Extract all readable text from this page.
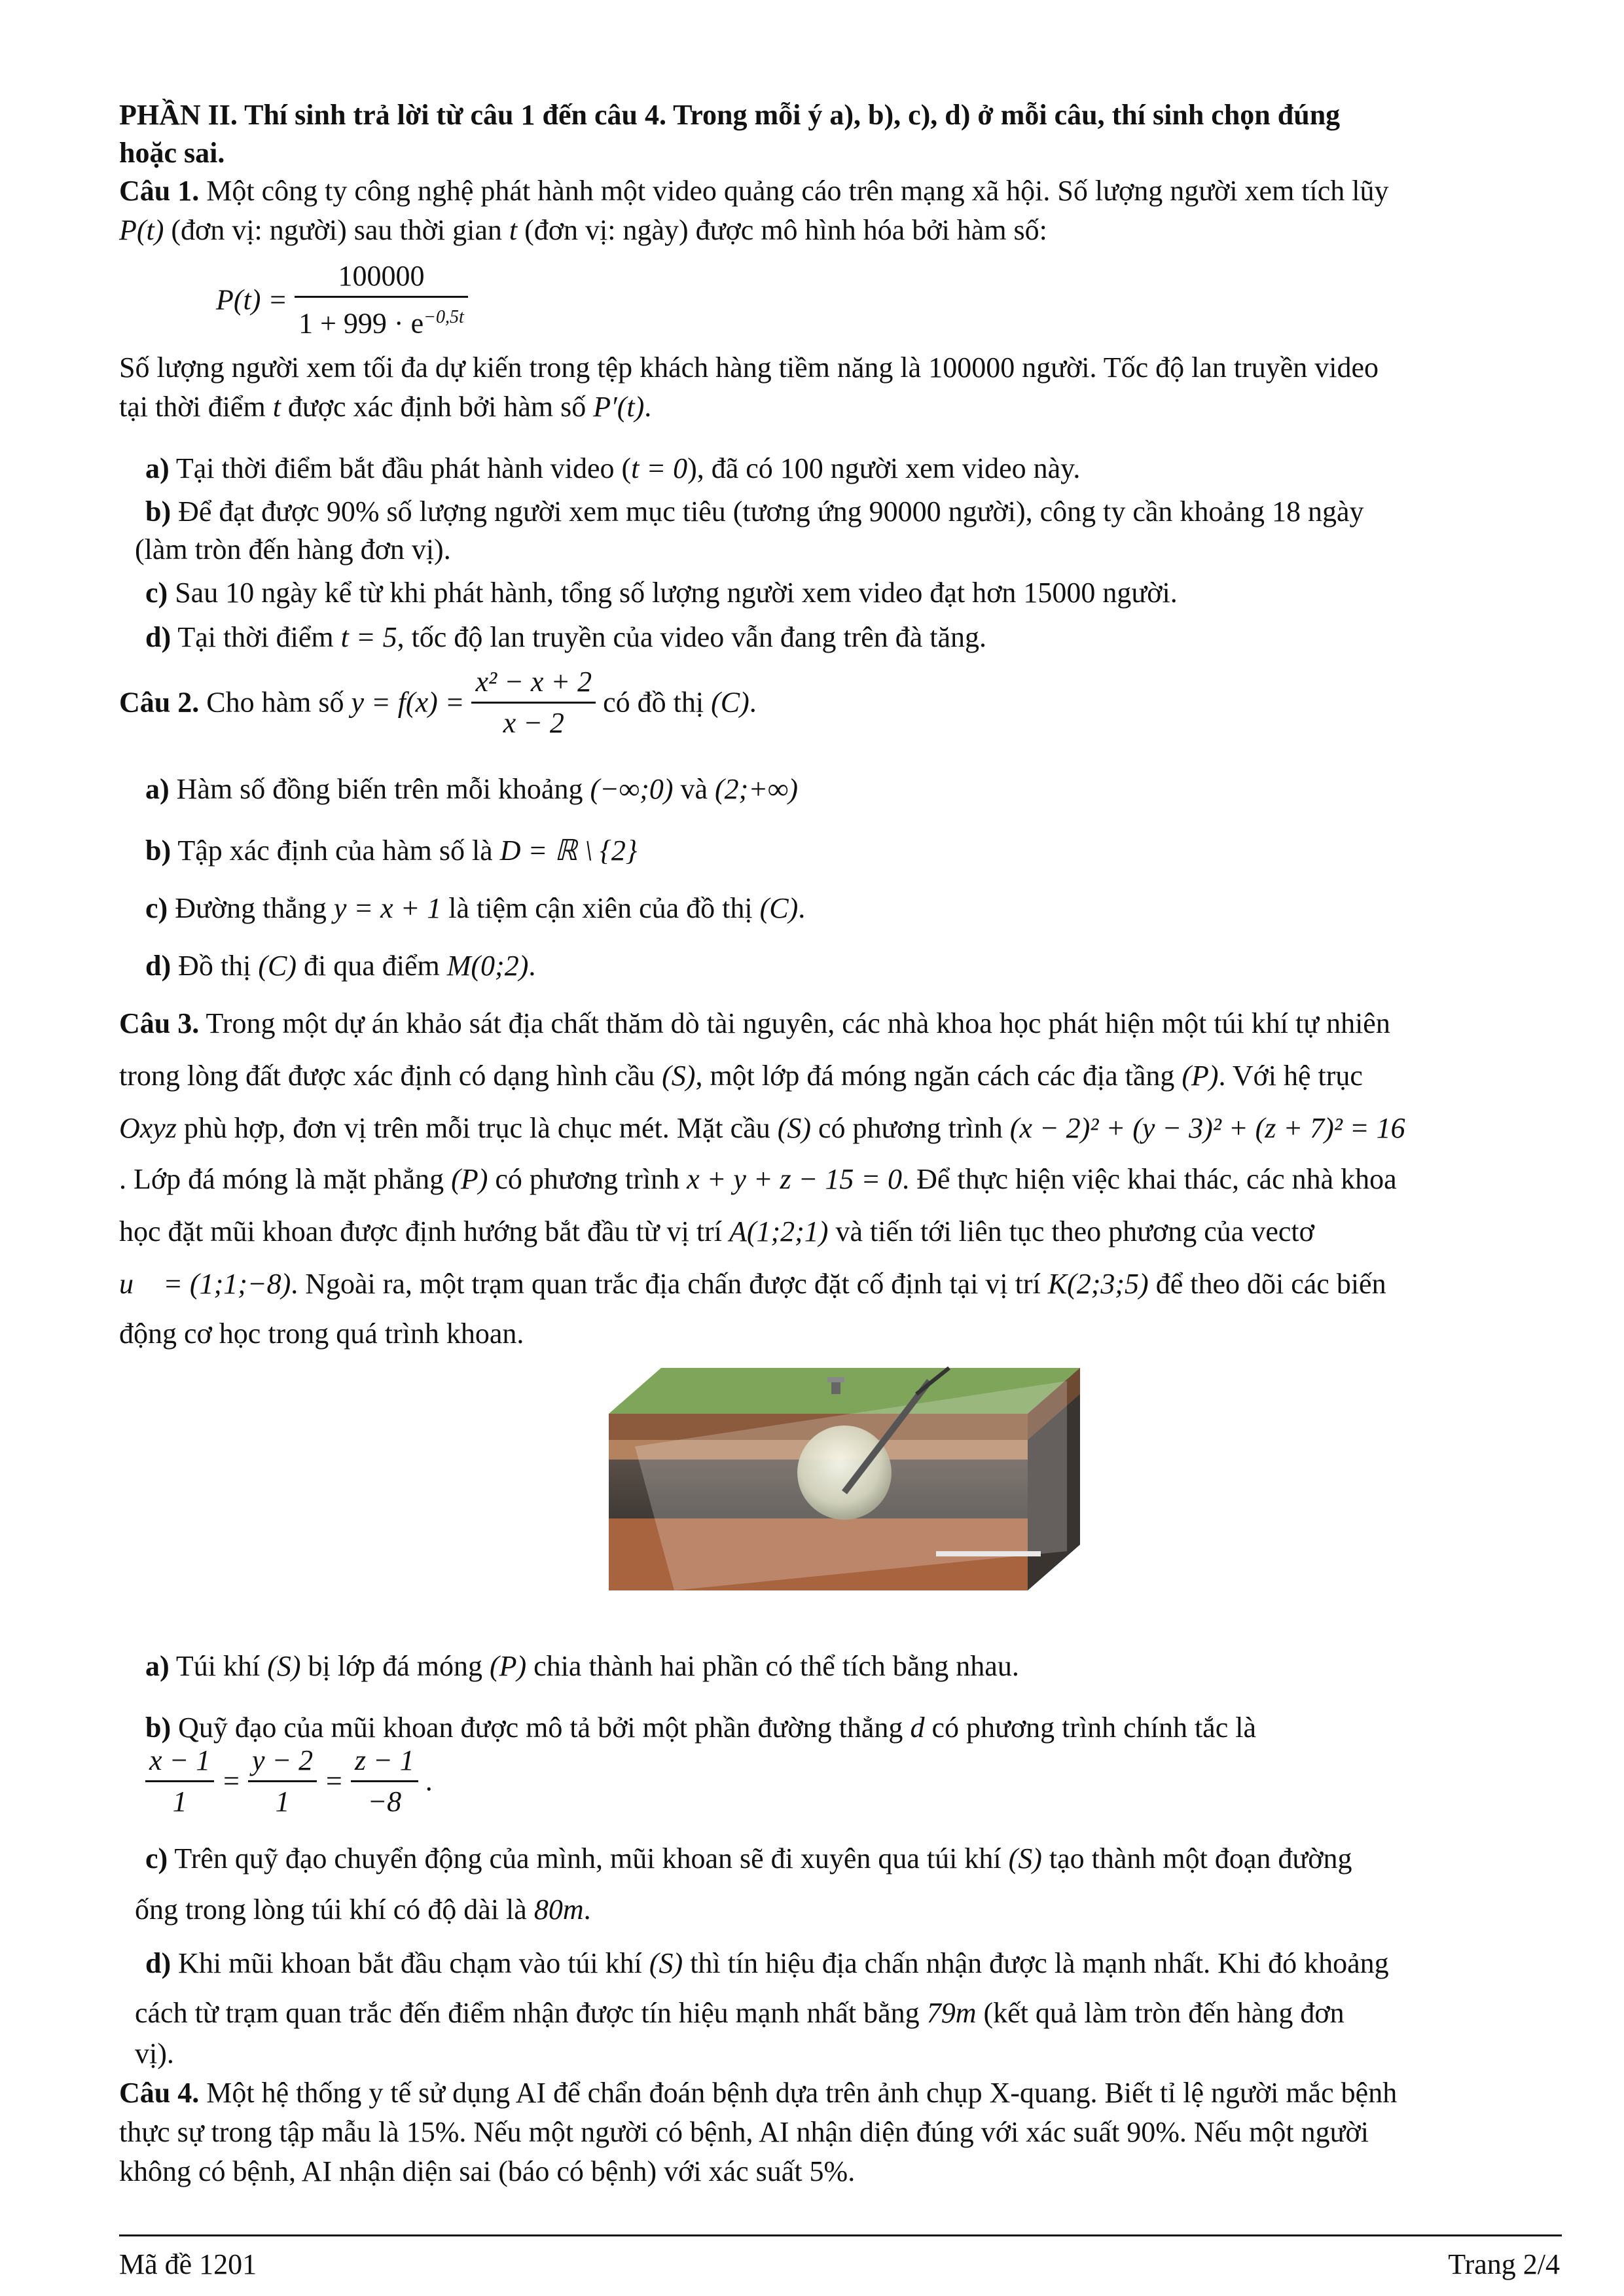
PHẦN II. Thí sinh trả lời từ câu 1 đến câu 4. Trong mỗi ý a), b), c), d) ở mỗi câu, thí sinh chọn đúng
hoặc sai.
Câu 1. Một công ty công nghệ phát hành một video quảng cáo trên mạng xã hội. Số lượng người xem tích lũy
P(t) (đơn vị: người) sau thời gian t (đơn vị: ngày) được mô hình hóa bởi hàm số:
$P(t) = \frac{100000}{1 + 999 \cdot e^{-0,5t}}$
Số lượng người xem tối đa dự kiến trong tệp khách hàng tiềm năng là 100000 người. Tốc độ lan truyền video
tại thời điểm t được xác định bởi hàm số P′(t).
a) Tại thời điểm bắt đầu phát hành video (t = 0), đã có 100 người xem video này.
b) Để đạt được 90% số lượng người xem mục tiêu (tương ứng 90000 người), công ty cần khoảng 18 ngày
(làm tròn đến hàng đơn vị).
c) Sau 10 ngày kể từ khi phát hành, tổng số lượng người xem video đạt hơn 15000 người.
d) Tại thời điểm t = 5, tốc độ lan truyền của video vẫn đang trên đà tăng.
Câu 2. Cho hàm số $y = f(x) = \frac{\text{x² − x + 2}}{x - 2}$ có đồ thị (C).
a) Hàm số đồng biến trên mỗi khoảng (−∞;0) và (2;+∞)
b) Tập xác định của hàm số là D = ℝ \ {2}
c) Đường thẳng y = x + 1 là tiệm cận xiên của đồ thị (C).
d) Đồ thị (C) đi qua điểm M(0;2).
Câu 3. Trong một dự án khảo sát địa chất thăm dò tài nguyên, các nhà khoa học phát hiện một túi khí tự nhiên
trong lòng đất được xác định có dạng hình cầu (S), một lớp đá móng ngăn cách các địa tầng (P). Với hệ trục
Oxyz phù hợp, đơn vị trên mỗi trục là chục mét. Mặt cầu (S) có phương trình (x − 2)² + (y − 3)² + (z + 7)² = 16
. Lớp đá móng là mặt phẳng (P) có phương trình x + y + z − 15 = 0. Để thực hiện việc khai thác, các nhà khoa
học đặt mũi khoan được định hướng bắt đầu từ vị trí A(1;2;1) và tiến tới liên tục theo phương của vectơ
u⃗ = (1;1;−8). Ngoài ra, một trạm quan trắc địa chấn được đặt cố định tại vị trí K(2;3;5) để theo dõi các biến
động cơ học trong quá trình khoan.
a) Túi khí (S) bị lớp đá móng (P) chia thành hai phần có thể tích bằng nhau.
b) Quỹ đạo của mũi khoan được mô tả bởi một phần đường thẳng d có phương trình chính tắc là
$\frac{x - 1}{1} = \frac{y - 2}{1} = \frac{z - 1}{-8}$ .
c) Trên quỹ đạo chuyển động của mình, mũi khoan sẽ đi xuyên qua túi khí (S) tạo thành một đoạn đường
ống trong lòng túi khí có độ dài là 80m.
d) Khi mũi khoan bắt đầu chạm vào túi khí (S) thì tín hiệu địa chấn nhận được là mạnh nhất. Khi đó khoảng
cách từ trạm quan trắc đến điểm nhận được tín hiệu mạnh nhất bằng 79m (kết quả làm tròn đến hàng đơn
vị).
Câu 4. Một hệ thống y tế sử dụng AI để chẩn đoán bệnh dựa trên ảnh chụp X-quang. Biết tỉ lệ người mắc bệnh
thực sự trong tập mẫu là 15%. Nếu một người có bệnh, AI nhận diện đúng với xác suất 90%. Nếu một người
không có bệnh, AI nhận diện sai (báo có bệnh) với xác suất 5%.
Mã đề 1201	Trang 2/4
